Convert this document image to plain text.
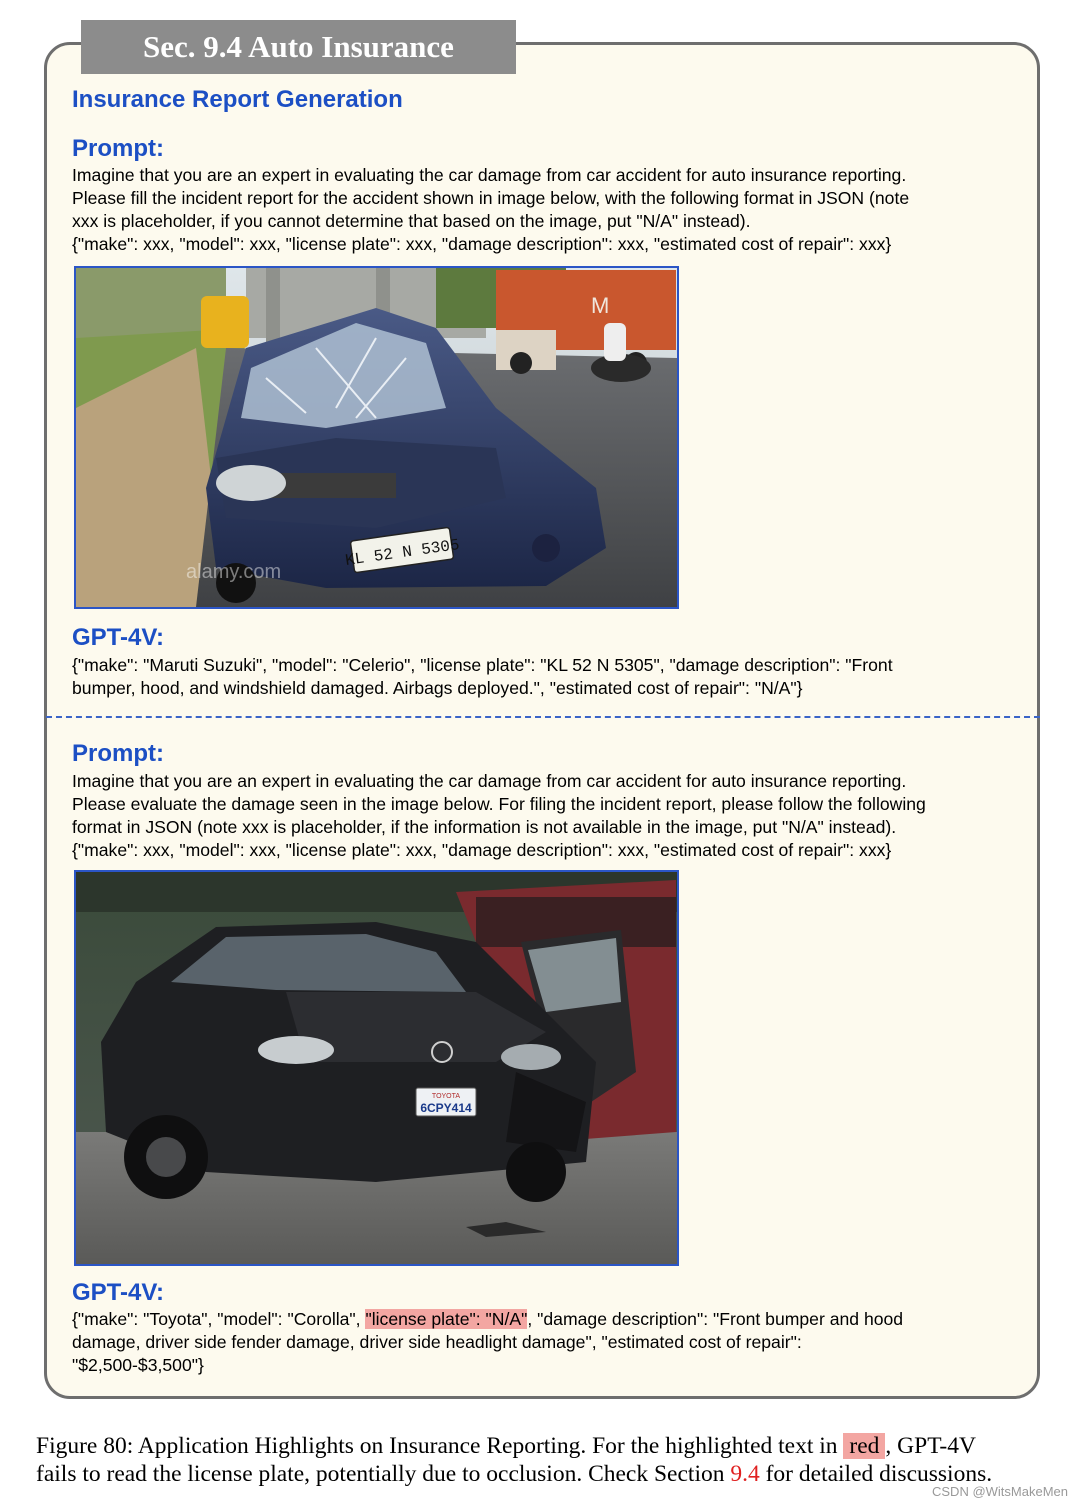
Sec. 9.4 Auto Insurance
Insurance Report Generation
Prompt:
Imagine that you are an expert in evaluating the car damage from car accident for auto insurance reporting.
Please fill the incident report for the accident shown in image below, with the following format in JSON (note
xxx is placeholder, if you cannot determine that based on the image, put "N/A" instead).
{"make": xxx, "model": xxx, "license plate": xxx, "damage description": xxx, "estimated cost of repair": xxx}
M
KL 52 N 5305
alamy.com
GPT-4V:
{"make": "Maruti Suzuki", "model": "Celerio", "license plate": "KL 52 N 5305", "damage description": "Front
bumper, hood, and windshield damaged. Airbags deployed.", "estimated cost of repair": "N/A"}
Prompt:
Imagine that you are an expert in evaluating the car damage from car accident for auto insurance reporting.
Please evaluate the damage seen in the image below. For filing the incident report, please follow the following
format in JSON (note xxx is placeholder, if the information is not available in the image, put "N/A" instead).
{"make": xxx, "model": xxx, "license plate": xxx, "damage description": xxx, "estimated cost of repair": xxx}
TOYOTA
6CPY414
GPT-4V:
{"make": "Toyota", "model": "Corolla", "license plate": "N/A", "damage description": "Front bumper and hood
damage, driver side fender damage, driver side headlight damage", "estimated cost of repair":
"$2,500-$3,500"}
Figure 80: Application Highlights on Insurance Reporting. For the highlighted text in red , GPT-4V
fails to read the license plate, potentially due to occlusion. Check Section 9.4 for detailed discussions.
CSDN @WitsMakeMen
